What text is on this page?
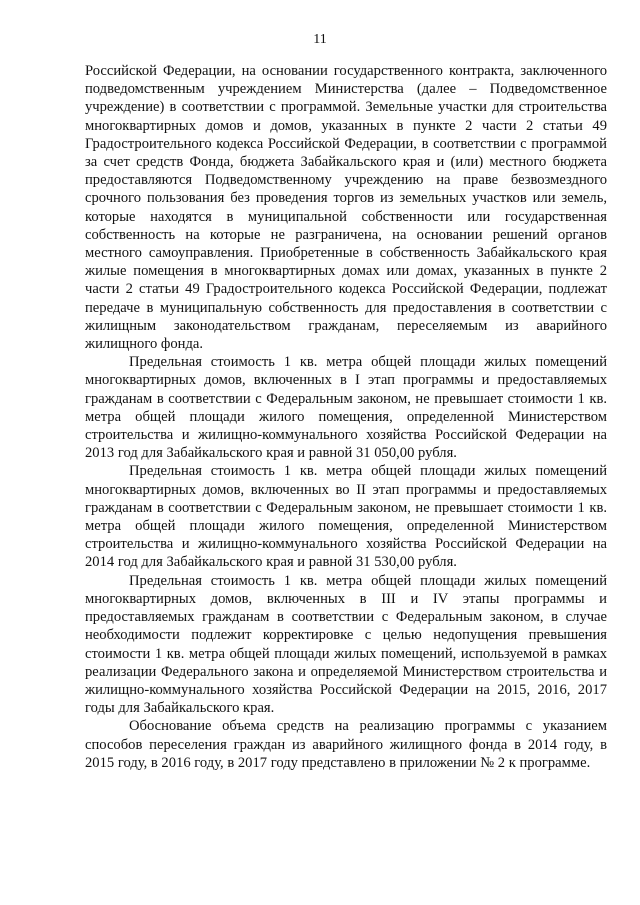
11

Российской Федерации, на основании государственного контракта, заключенного подведомственным учреждением Министерства (далее – Подведомственное учреждение) в соответствии с программой. Земельные участки для строительства многоквартирных домов и домов, указанных в пункте 2 части 2 статьи 49 Градостроительного кодекса Российской Федерации, в соответствии с программой за счет средств Фонда, бюджета Забайкальского края и (или) местного бюджета предоставляются Подведомственному учреждению на праве безвозмездного срочного пользования без проведения торгов из земельных участков или земель, которые находятся в муниципальной собственности или государственная собственность на которые не разграничена, на основании решений органов местного самоуправления. Приобретенные в собственность Забайкальского края жилые помещения в многоквартирных домах или домах, указанных в пункте 2 части 2 статьи 49 Градостроительного кодекса Российской Федерации, подлежат передаче в муниципальную собственность для предоставления в соответствии с жилищным законодательством гражданам, переселяемым из аварийного жилищного фонда.

Предельная стоимость 1 кв. метра общей площади жилых помещений многоквартирных домов, включенных в I этап программы и предоставляемых гражданам в соответствии с Федеральным законом, не превышает стоимости 1 кв. метра общей площади жилого помещения, определенной Министерством строительства и жилищно-коммунального хозяйства Российской Федерации на 2013 год для Забайкальского края и равной 31 050,00 рубля.

Предельная стоимость 1 кв. метра общей площади жилых помещений многоквартирных домов, включенных во II этап программы и предоставляемых гражданам в соответствии с Федеральным законом, не превышает стоимости 1 кв. метра общей площади жилого помещения, определенной Министерством строительства и жилищно-коммунального хозяйства Российской Федерации на 2014 год для Забайкальского края и равной 31 530,00 рубля.

Предельная стоимость 1 кв. метра общей площади жилых помещений многоквартирных домов, включенных в III и IV этапы программы и предоставляемых гражданам в соответствии с Федеральным законом, в случае необходимости подлежит корректировке с целью недопущения превышения стоимости 1 кв. метра общей площади жилых помещений, используемой в рамках реализации Федерального закона и определяемой Министерством строительства и жилищно-коммунального хозяйства Российской Федерации на 2015, 2016, 2017 годы для Забайкальского края.

Обоснование объема средств на реализацию программы с указанием способов переселения граждан из аварийного жилищного фонда в 2014 году, в 2015 году, в 2016 году, в 2017 году представлено в приложении № 2 к программе.
